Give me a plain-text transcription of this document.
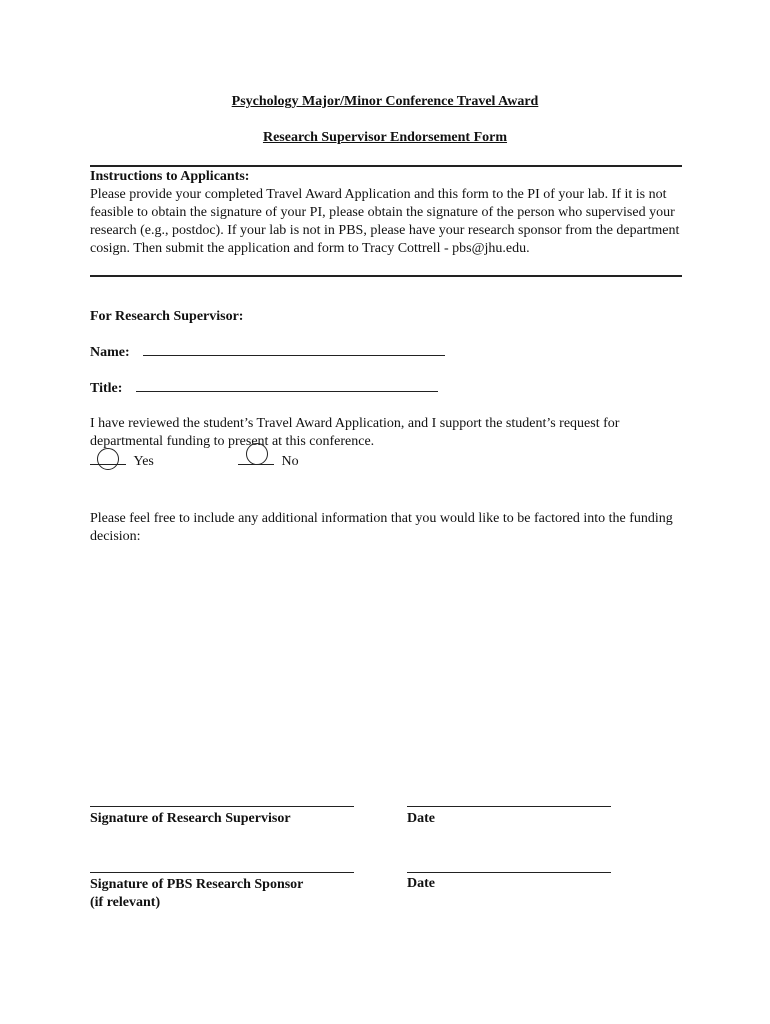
Psychology Major/Minor Conference Travel Award
Research Supervisor Endorsement Form
Instructions to Applicants:
Please provide your completed Travel Award Application and this form to the PI of your lab. If it is not feasible to obtain the signature of your PI, please obtain the signature of the person who supervised your research (e.g., postdoc). If your lab is not in PBS, please have your research sponsor from the department cosign. Then submit the application and form to Tracy Cottrell - pbs@jhu.edu.
For Research Supervisor:
Name:
Title:
I have reviewed the student’s Travel Award Application, and I support the student’s request for departmental funding to present at this conference.
Yes	No
Please feel free to include any additional information that you would like to be factored into the funding decision:
Signature of Research Supervisor	Date
Signature of PBS Research Sponsor
(if relevant)
Date
